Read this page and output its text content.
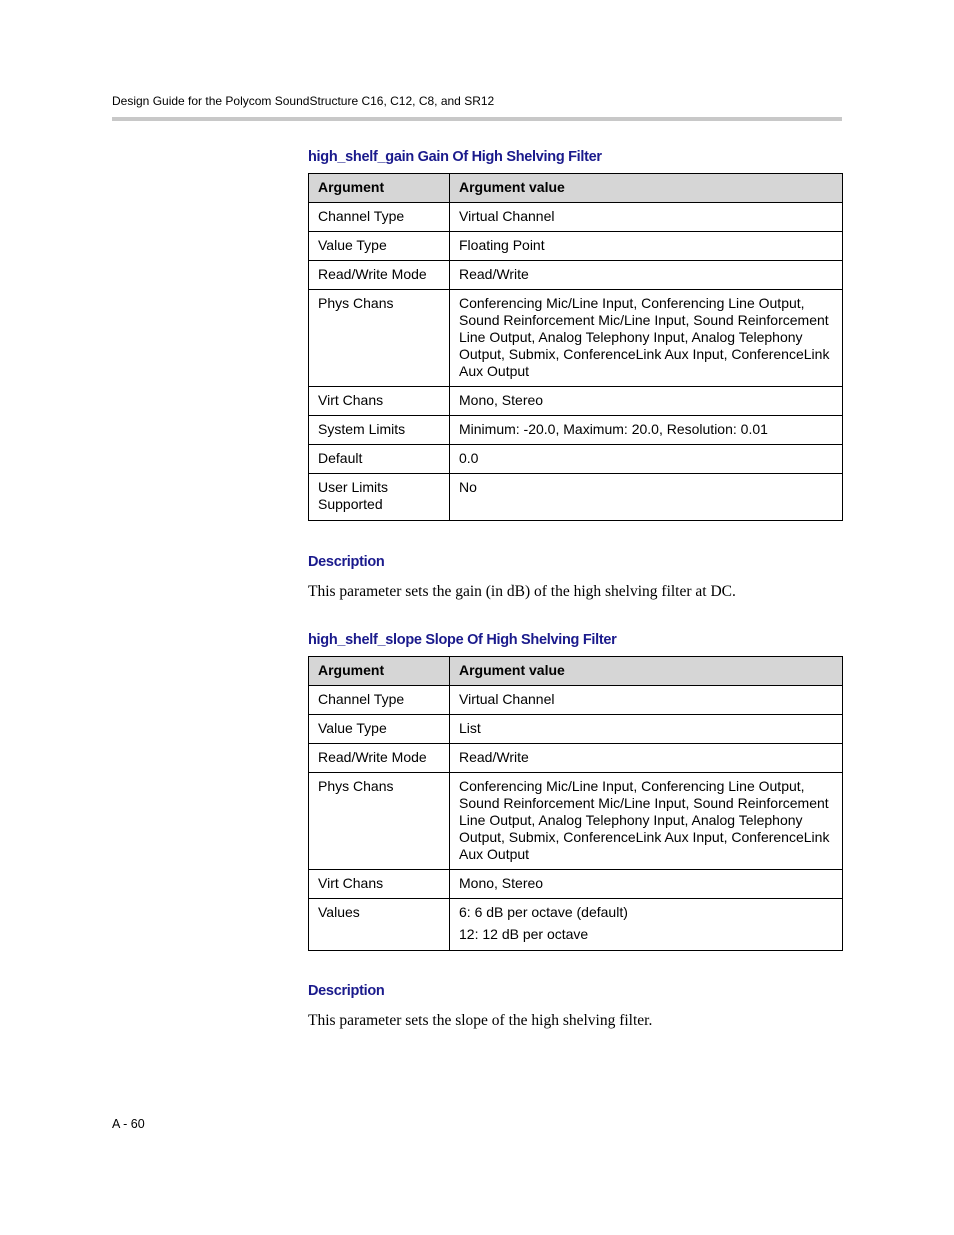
Design Guide for the Polycom SoundStructure C16, C12, C8, and SR12
high_shelf_gain Gain Of High Shelving Filter
Argument	Argument value
Channel Type	Virtual Channel
Value Type	Floating Point
Read/Write Mode	Read/Write
Phys Chans	Conferencing Mic/Line Input, Conferencing Line Output, Sound Reinforcement Mic/Line Input, Sound Reinforcement Line Output, Analog Telephony Input, Analog Telephony Output, Submix, ConferenceLink Aux Input, ConferenceLink Aux Output
Virt Chans	Mono, Stereo
System Limits	Minimum: -20.0, Maximum: 20.0, Resolution: 0.01
Default	0.0
User Limits Supported	No
Description
This parameter sets the gain (in dB) of the high shelving filter at DC.
high_shelf_slope Slope Of High Shelving Filter
Argument	Argument value
Channel Type	Virtual Channel
Value Type	List
Read/Write Mode	Read/Write
Phys Chans	Conferencing Mic/Line Input, Conferencing Line Output, Sound Reinforcement Mic/Line Input, Sound Reinforcement Line Output, Analog Telephony Input, Analog Telephony Output, Submix, ConferenceLink Aux Input, ConferenceLink Aux Output
Virt Chans	Mono, Stereo
Values	6: 6 dB per octave (default)
12: 12 dB per octave
Description
This parameter sets the slope of the high shelving filter.
A - 60
